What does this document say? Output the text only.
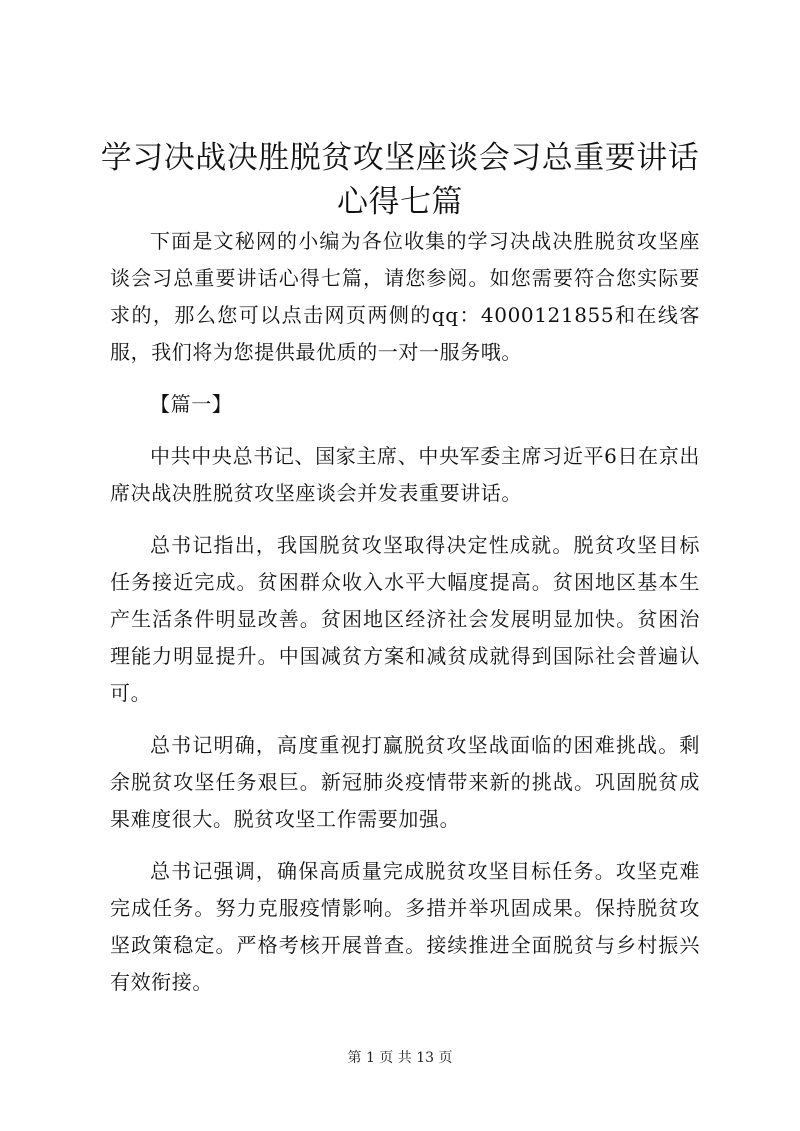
学习决战决胜脱贫攻坚座谈会习总重要讲话心得七篇

下面是文秘网的小编为各位收集的学习决战决胜脱贫攻坚座谈会习总重要讲话心得七篇，请您参阅。如您需要符合您实际要求的，那么您可以点击网页两侧的qq：4000121855和在线客服，我们将为您提供最优质的一对一服务哦。

【篇一】

中共中央总书记、国家主席、中央军委主席习近平6日在京出席决战决胜脱贫攻坚座谈会并发表重要讲话。

总书记指出，我国脱贫攻坚取得决定性成就。脱贫攻坚目标任务接近完成。贫困群众收入水平大幅度提高。贫困地区基本生产生活条件明显改善。贫困地区经济社会发展明显加快。贫困治理能力明显提升。中国减贫方案和减贫成就得到国际社会普遍认可。

总书记明确，高度重视打赢脱贫攻坚战面临的困难挑战。剩余脱贫攻坚任务艰巨。新冠肺炎疫情带来新的挑战。巩固脱贫成果难度很大。脱贫攻坚工作需要加强。

总书记强调，确保高质量完成脱贫攻坚目标任务。攻坚克难完成任务。努力克服疫情影响。多措并举巩固成果。保持脱贫攻坚政策稳定。严格考核开展普查。接续推进全面脱贫与乡村振兴有效衔接。

第 1 页 共 13 页
